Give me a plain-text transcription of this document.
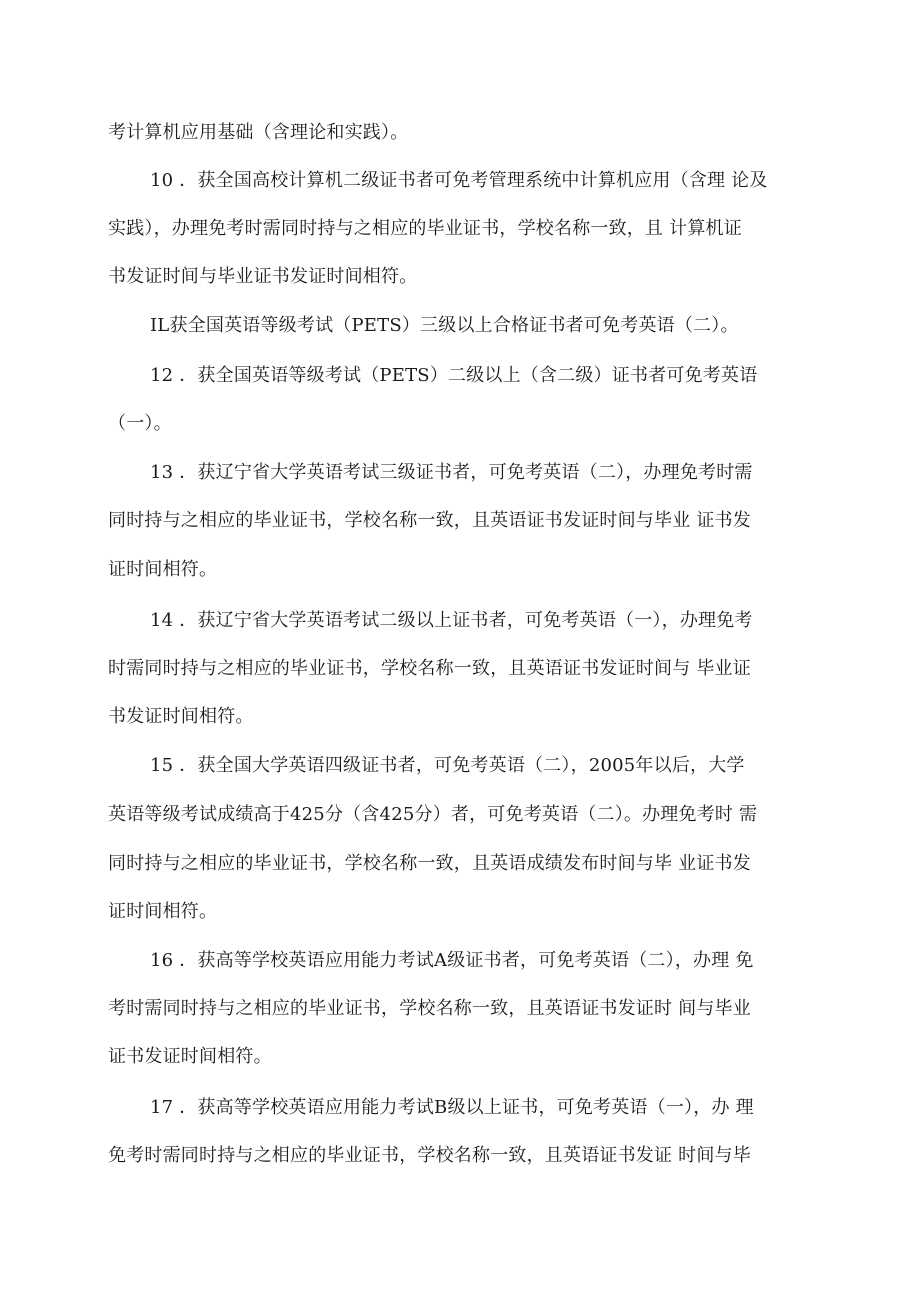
考计算机应用基础（含理论和实践）。
10 ．获全国高校计算机二级证书者可免考管理系统中计算机应用（含理 论及
实践），办理免考时需同时持与之相应的毕业证书，学校名称一致，且 计算机证
书发证时间与毕业证书发证时间相符。
IL获全国英语等级考试（PETS）三级以上合格证书者可免考英语（二）。
12 ．获全国英语等级考试（PETS）二级以上（含二级）证书者可免考英语
（一）。
13 ．获辽宁省大学英语考试三级证书者，可免考英语（二），办理免考时需
同时持与之相应的毕业证书，学校名称一致，且英语证书发证时间与毕业 证书发
证时间相符。
14 ．获辽宁省大学英语考试二级以上证书者，可免考英语（一），办理免考
时需同时持与之相应的毕业证书，学校名称一致，且英语证书发证时间与 毕业证
书发证时间相符。
15 ．获全国大学英语四级证书者，可免考英语（二），2005年以后，大学
英语等级考试成绩高于425分（含425分）者，可免考英语（二）。办理免考时 需
同时持与之相应的毕业证书，学校名称一致，且英语成绩发布时间与毕 业证书发
证时间相符。
16 ．获高等学校英语应用能力考试A级证书者，可免考英语（二），办理 免
考时需同时持与之相应的毕业证书，学校名称一致，且英语证书发证时 间与毕业
证书发证时间相符。
17 ．获高等学校英语应用能力考试B级以上证书，可免考英语（一），办 理
免考时需同时持与之相应的毕业证书，学校名称一致，且英语证书发证 时间与毕
